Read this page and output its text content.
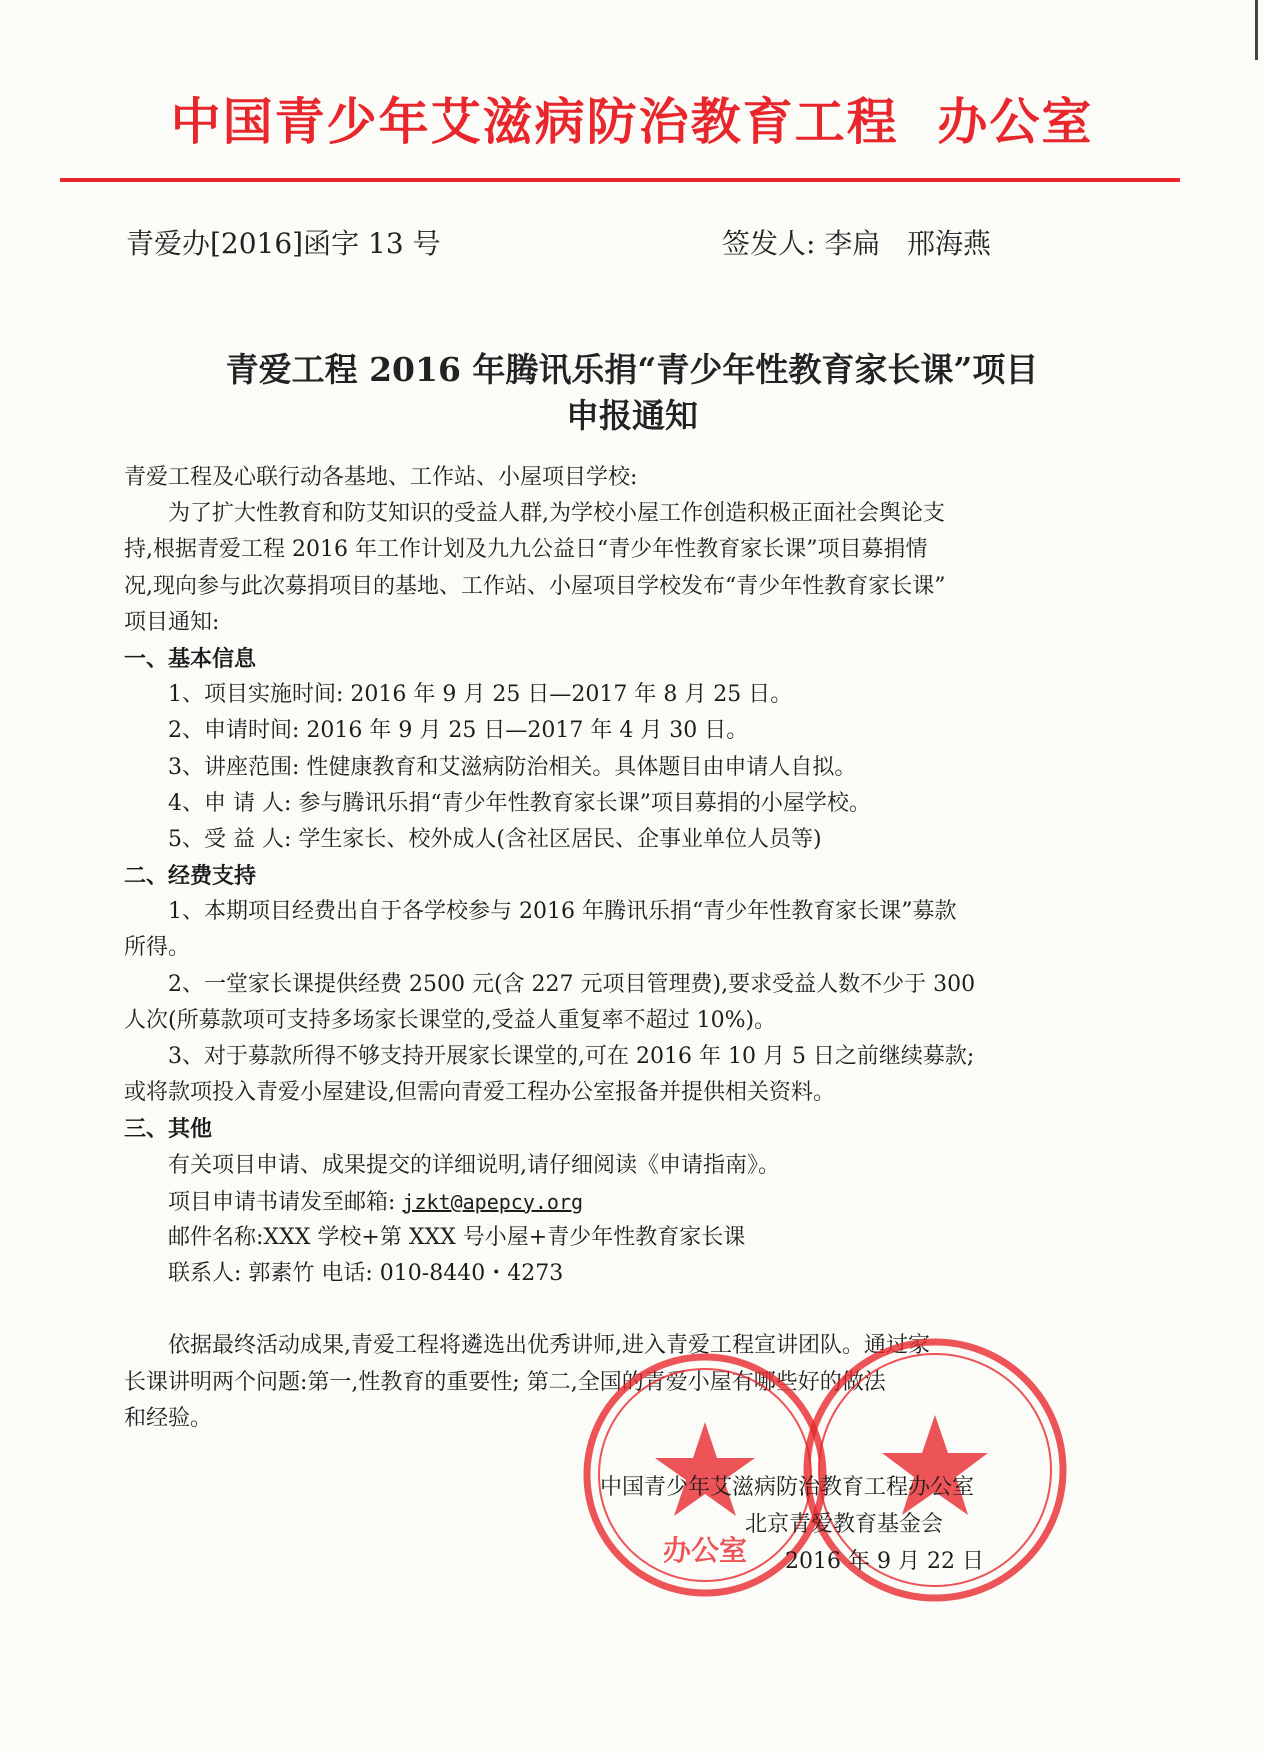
中国青少年艾滋病防治教育工程  办公室
青爱办[2016]函字 13 号	签发人: 李扁   邢海燕
青爱工程 2016 年腾讯乐捐“青少年性教育家长课”项目
申报通知
青爱工程及心联行动各基地、工作站、小屋项目学校:
为了扩大性教育和防艾知识的受益人群,为学校小屋工作创造积极正面社会舆论支
持,根据青爱工程 2016 年工作计划及九九公益日“青少年性教育家长课”项目募捐情
况,现向参与此次募捐项目的基地、工作站、小屋项目学校发布“青少年性教育家长课”
项目通知:
一、基本信息
1、项目实施时间: 2016 年 9 月 25 日—2017 年 8 月 25 日。
2、申请时间: 2016 年 9 月 25 日—2017 年 4 月 30 日。
3、讲座范围: 性健康教育和艾滋病防治相关。具体题目由申请人自拟。
4、申 请 人: 参与腾讯乐捐“青少年性教育家长课”项目募捐的小屋学校。
5、受 益 人: 学生家长、校外成人(含社区居民、企事业单位人员等)
二、经费支持
1、本期项目经费出自于各学校参与 2016 年腾讯乐捐“青少年性教育家长课”募款
所得。
2、一堂家长课提供经费 2500 元(含 227 元项目管理费),要求受益人数不少于 300
人次(所募款项可支持多场家长课堂的,受益人重复率不超过 10%)。
3、对于募款所得不够支持开展家长课堂的,可在 2016 年 10 月 5 日之前继续募款;
或将款项投入青爱小屋建设,但需向青爱工程办公室报备并提供相关资料。
三、其他
有关项目申请、成果提交的详细说明,请仔细阅读《申请指南》。
项目申请书请发至邮箱: jzkt@apepcy.org
邮件名称:XXX 学校+第 XXX 号小屋+青少年性教育家长课
联系人: 郭素竹 电话: 010-8440・4273
依据最终活动成果,青爱工程将遴选出优秀讲师,进入青爱工程宣讲团队。通过家
长课讲明两个问题:第一,性教育的重要性; 第二,全国的青爱小屋有哪些好的做法
和经验。
办公室
中国青少年艾滋病防治教育工程办公室
北京青爱教育基金会
2016 年 9 月 22 日
